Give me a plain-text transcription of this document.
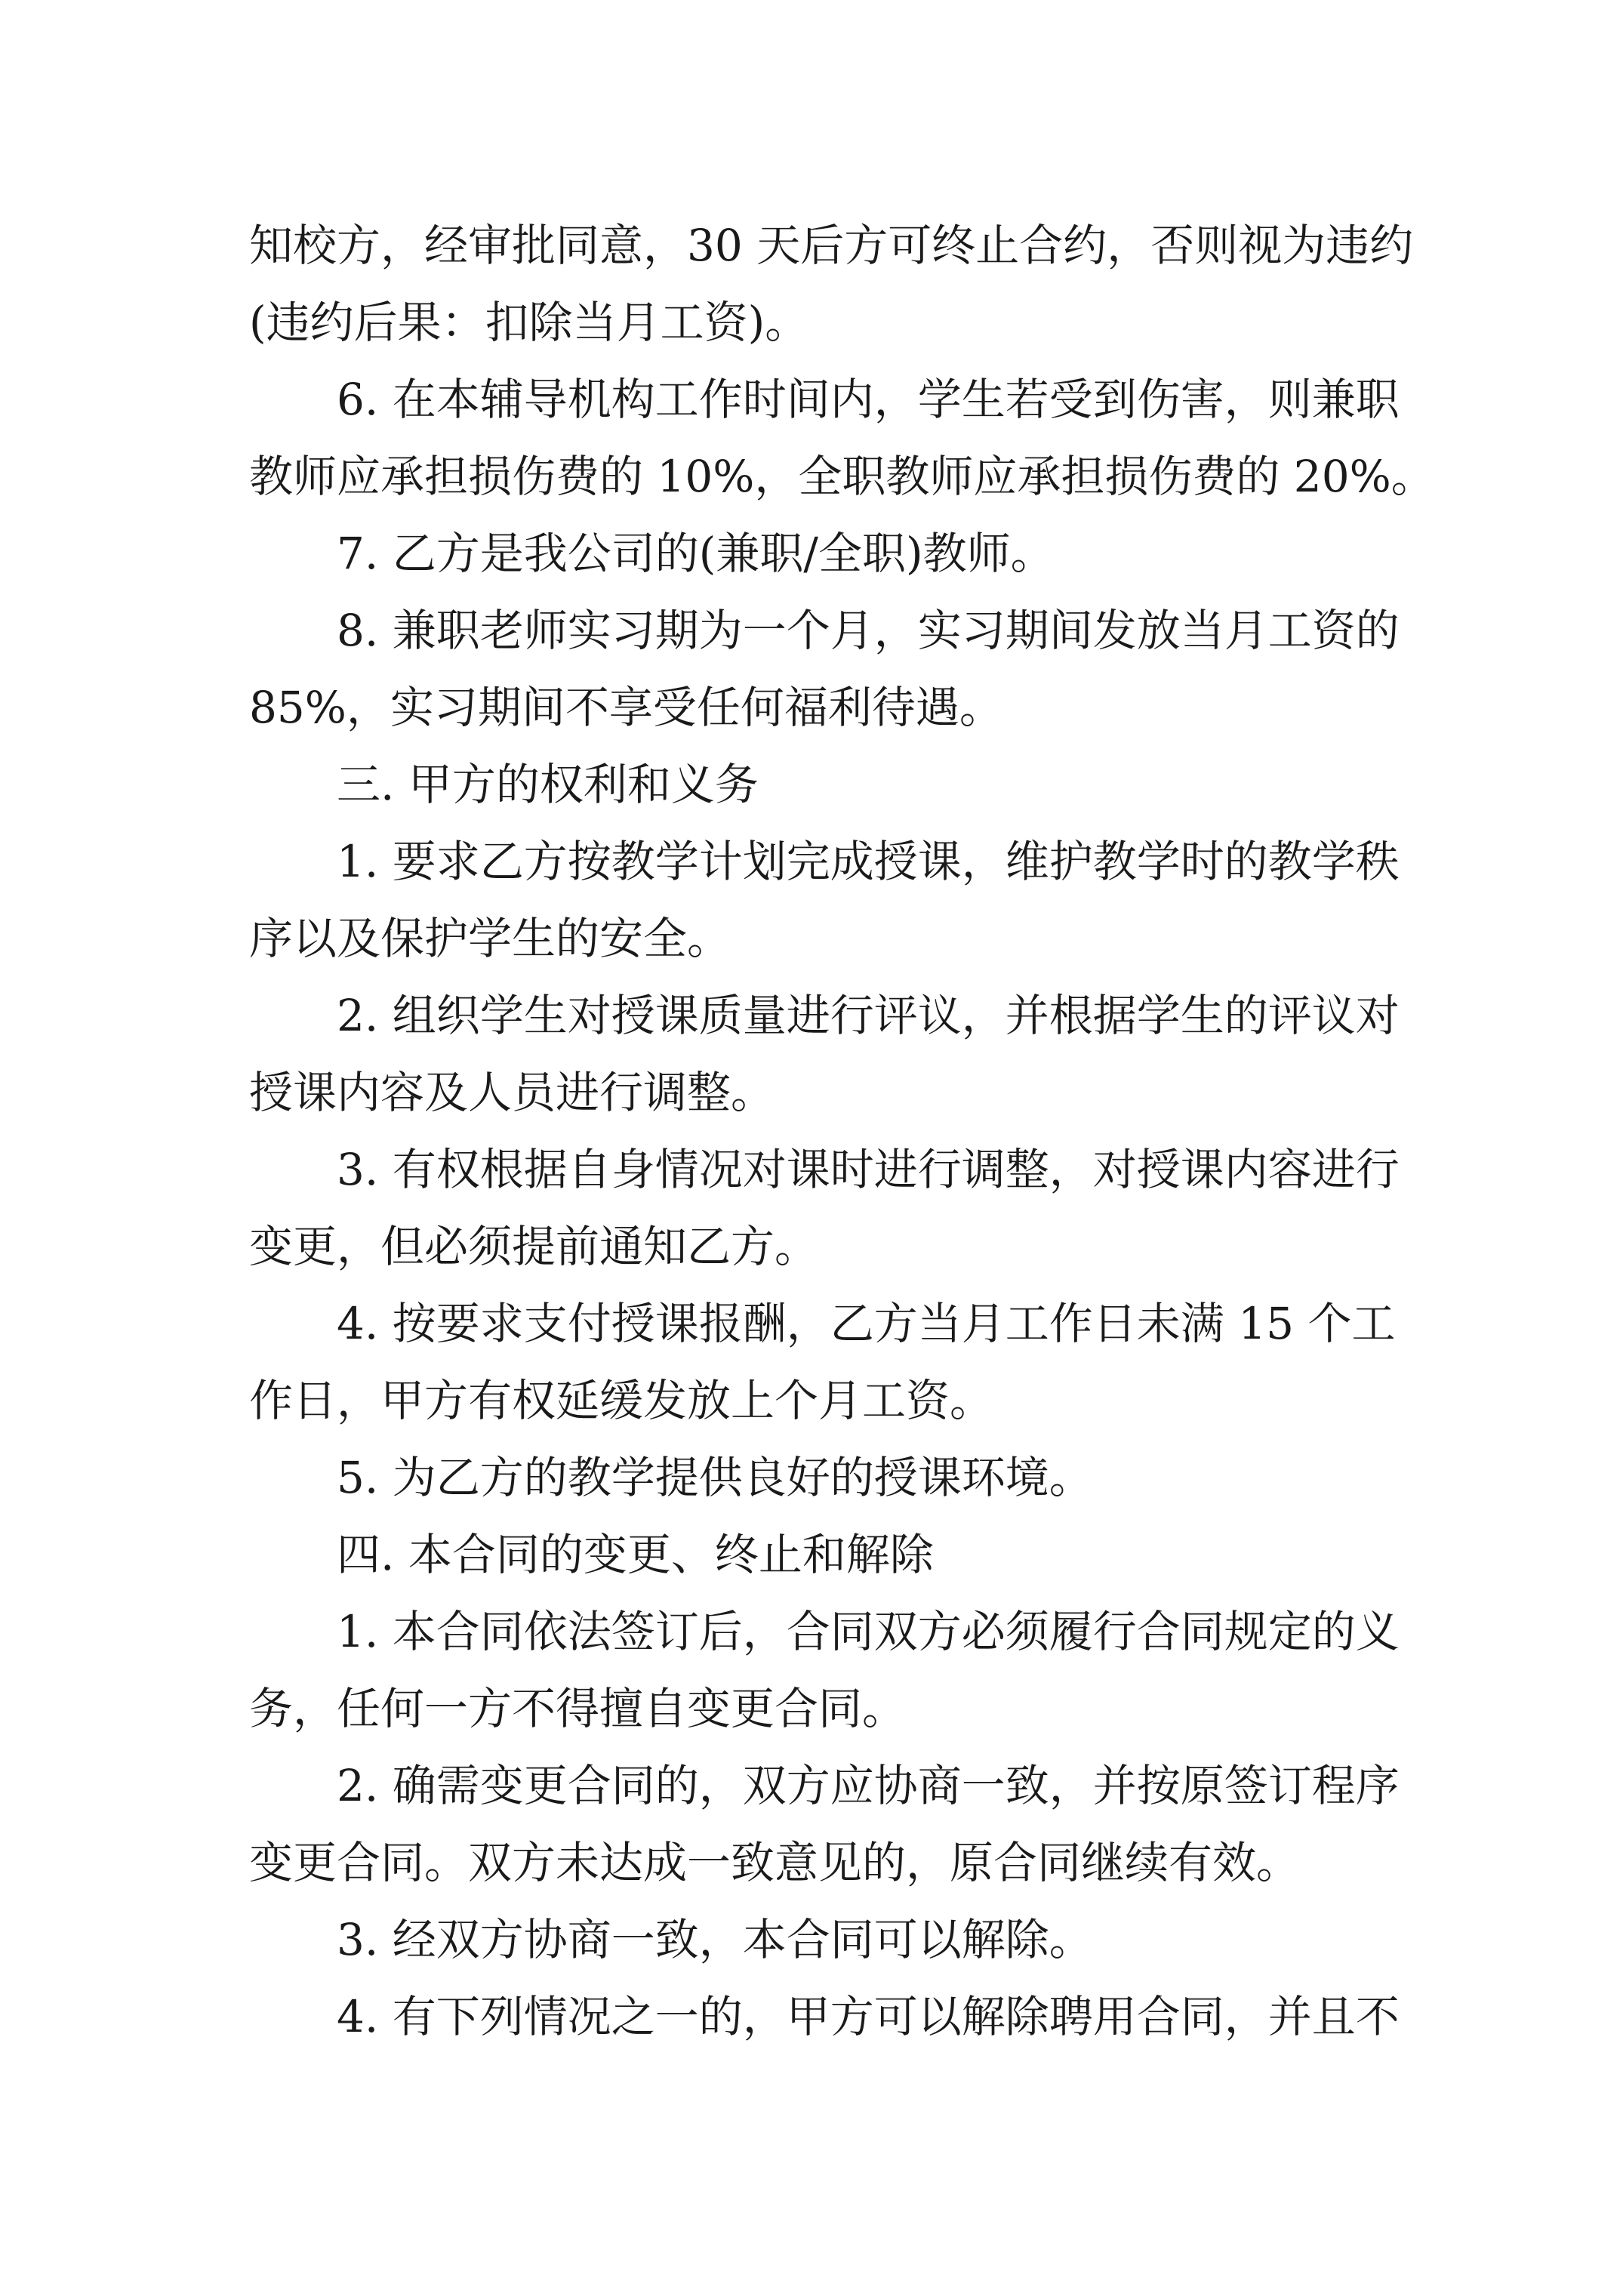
知校方，经审批同意，30 天后方可终止合约，否则视为违约
(违约后果：扣除当月工资)。
6. 在本辅导机构工作时间内，学生若受到伤害，则兼职
教师应承担损伤费的 10%，全职教师应承担损伤费的 20%。
7. 乙方是我公司的(兼职/全职)教师。
8. 兼职老师实习期为一个月，实习期间发放当月工资的
85%，实习期间不享受任何福利待遇。
三. 甲方的权利和义务
1. 要求乙方按教学计划完成授课，维护教学时的教学秩
序以及保护学生的安全。
2. 组织学生对授课质量进行评议，并根据学生的评议对
授课内容及人员进行调整。
3. 有权根据自身情况对课时进行调整，对授课内容进行
变更，但必须提前通知乙方。
4. 按要求支付授课报酬，乙方当月工作日未满 15 个工
作日，甲方有权延缓发放上个月工资。
5. 为乙方的教学提供良好的授课环境。
四. 本合同的变更、终止和解除
1. 本合同依法签订后，合同双方必须履行合同规定的义
务，任何一方不得擅自变更合同。
2. 确需变更合同的，双方应协商一致，并按原签订程序
变更合同。双方未达成一致意见的，原合同继续有效。
3. 经双方协商一致，本合同可以解除。
4. 有下列情况之一的，甲方可以解除聘用合同，并且不
